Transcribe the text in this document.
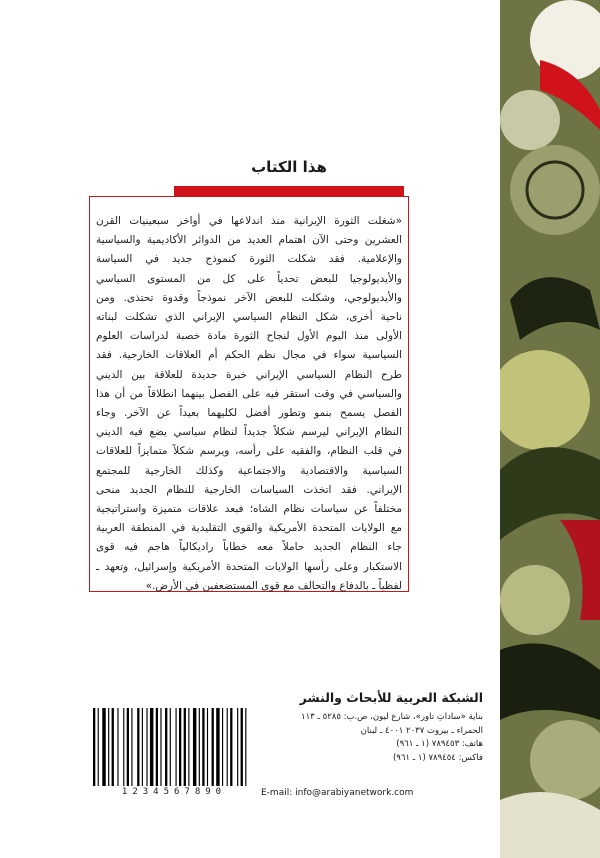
هذا الكتاب
«شغلت الثورة الإيرانية منذ اندلاعها في أواخر سبعينيات القرن
العشرين وحتى الآن اهتمام العديد من الدوائر الأكاديمية والسياسية
والإعلامية. فقد شكلت الثورة كنموذج جديد في السياسة
والأيديولوجيا للبعض تحدياً على كل من المستوى السياسي
والأيديولوجي، وشكلت للبعض الآخر نموذجاً وقدوة تحتذى. ومن
ناحية أخرى، شكل النظام السياسي الإيراني الذي تشكلت لبناته
الأولى منذ اليوم الأول لنجاح الثورة مادة خصبة لدراسات العلوم
السياسية سواء في مجال نظم الحكم أم العلاقات الخارجية. فقد
طرح النظام السياسي الإيراني خبرة جديدة للعلاقة بين الديني
والسياسي في وقت استقر فيه على الفصل بينهما انطلاقاً من أن هذا
الفصل يسمح بنمو وتطور أفضل لكليهما بعيداً عن الآخر. وجاء
النظام الإيراني ليرسم شكلاً جديداً لنظام سياسي يضع فيه الديني
في قلب النظام، والفقيه على رأسه، ويرسم شكلاً متمايزاً للعلاقات
السياسية والاقتصادية والاجتماعية وكذلك الخارجية للمجتمع
الإيراني. فقد اتخذت السياسات الخارجية للنظام الجديد منحى
مختلفاً عن سياسات نظام الشاه؛ فبعد علاقات متميزة واستراتيجية
مع الولايات المتحدة الأمريكية والقوى التقليدية في المنطقة العربية
جاء النظام الجديد حاملاً معه خطاباً راديكالياً هاجم فيه قوى
الاستكبار وعلى رأسها الولايات المتحدة الأمريكية وإسرائيل، وتعهد ـ
لفظياً ـ بالدفاع والتحالف مع قوى المستضعفين في الأرض.»
الشبكة العربية للأبحاث والنشر
بناية «ساداتِ تاور»، شارع ليون، ص.ب: ٥٢٨٥ ـ ١١٣
الحمراء ـ بيروت ٢٠٣٧ ٤٠٠١ ـ لبنان
هاتف: ٧٨٩٤٥٣ (١ ـ ٩٦١)
فاكس: ٧٨٩٤٥٤ (١ ـ ٩٦١)
E-mail: info@arabiyanetwork.com
1234567890
